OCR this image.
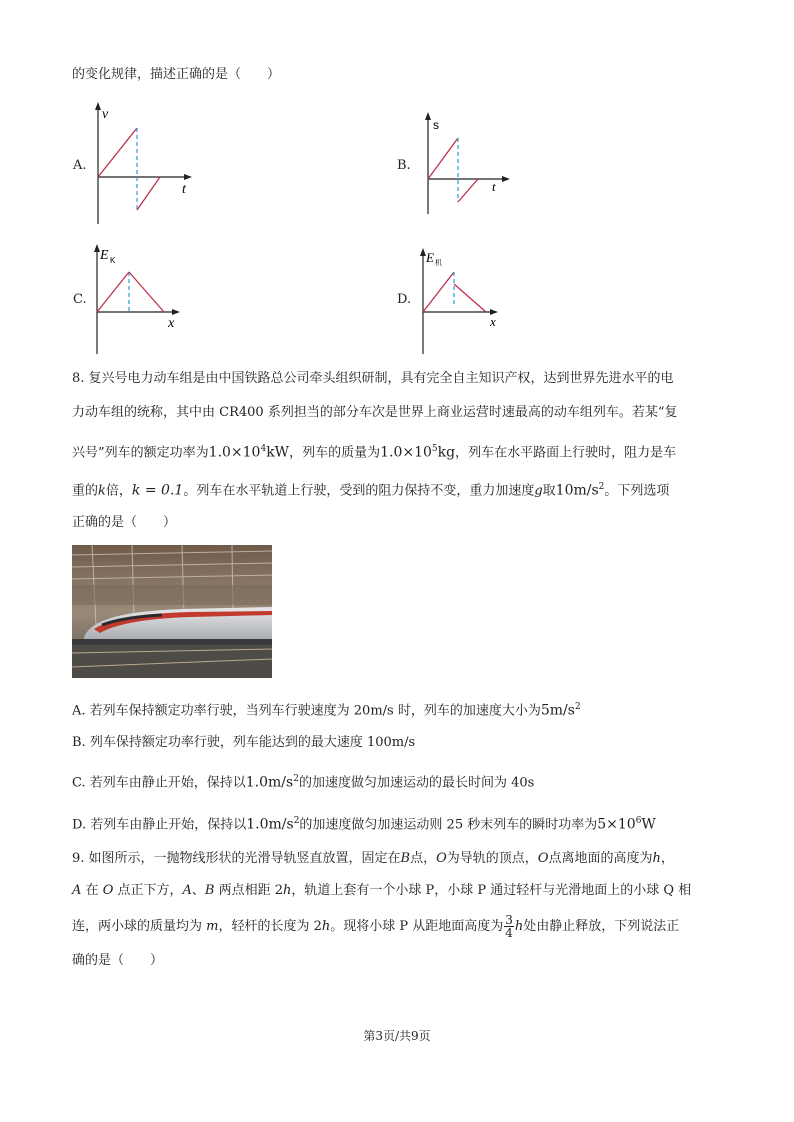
的变化规律，描述正确的是（　　）
A.
v
t
B.
s
t
C.
E K
x
D.
E 机
x
8. 复兴号电力动车组是由中国铁路总公司牵头组织研制，具有完全自主知识产权，达到世界先进水平的电
力动车组的统称，其中由 CR400 系列担当的部分车次是世界上商业运营时速最高的动车组列车。若某“复
兴号”列车的额定功率为$1.0\times 10^4kW$，列车的质量为$1.0\times 10^5kg$，列车在水平路面上行驶时，阻力是车
重的k倍，k = 0.1。列车在水平轨道上行驶，受到的阻力保持不变，重力加速度g取$10m/s^2$。下列选项
正确的是（　　）
A. 若列车保持额定功率行驶，当列车行驶速度为 20m/s 时，列车的加速度大小为$5m/s^2$
B. 列车保持额定功率行驶，列车能达到的最大速度 100m/s
C. 若列车由静止开始，保持以$1.0m/s^2$的加速度做匀加速运动的最长时间为 40s
D. 若列车由静止开始，保持以$1.0m/s^2$的加速度做匀加速运动则 25 秒末列车的瞬时功率为$5\times 10^6W$
9. 如图所示，一抛物线形状的光滑导轨竖直放置，固定在B点，O为导轨的顶点，O点离地面的高度为h，
A 在 O 点正下方，A、B 两点相距 2h，轨道上套有一个小球 P，小球 P 通过轻杆与光滑地面上的小球 Q 相
连，两小球的质量均为 m，轻杆的长度为 2h。现将小球 P 从距地面高度为 $\frac{3}{4}$ h处由静止释放，下列说法正
确的是（　　）
第3页/共9页
